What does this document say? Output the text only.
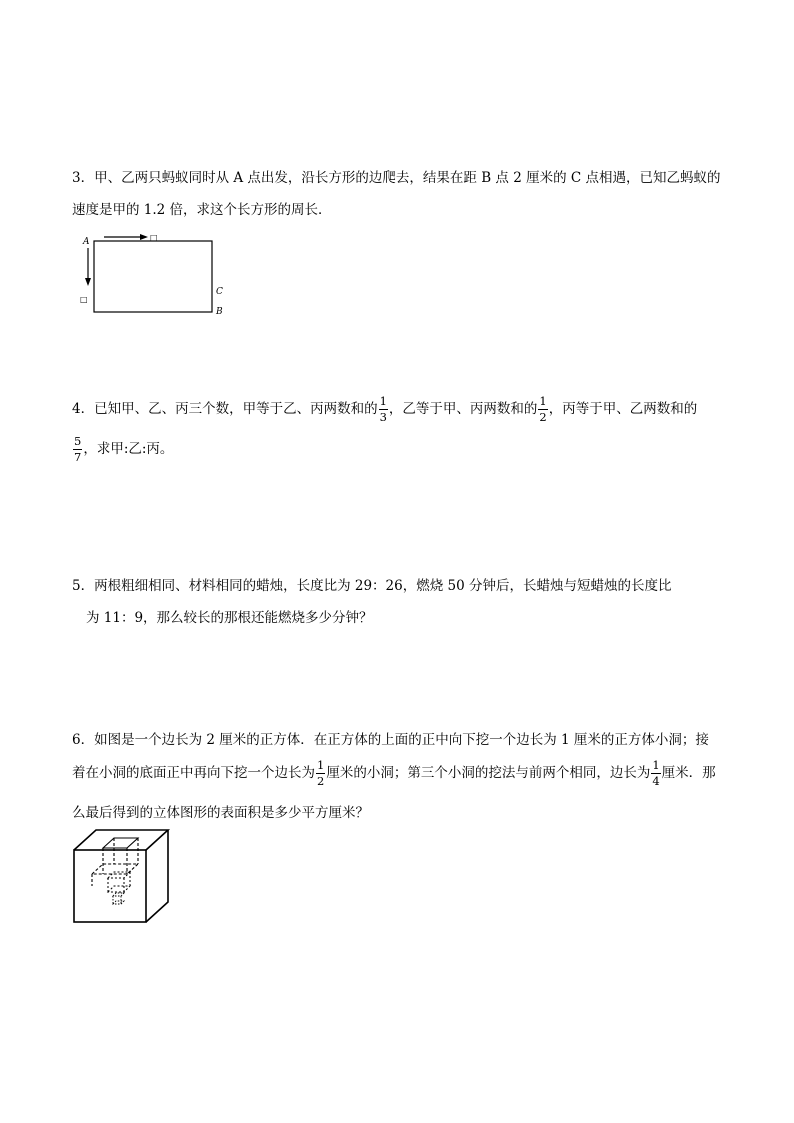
3．甲、乙两只蚂蚁同时从 A 点出发，沿长方形的边爬去，结果在距 B 点 2 厘米的 C 点相遇，已知乙蚂蚁的
速度是甲的 1.2 倍，求这个长方形的周长．
A	□
□
C
B
4．已知甲、乙、丙三个数，甲等于乙、丙两数和的 $\frac{1}{3}$ ，乙等于甲、丙两数和的 $\frac{1}{2}$ ，丙等于甲、乙两数和的
$\frac{5}{7}$ ，求甲:乙:丙。
5．两根粗细相同、材料相同的蜡烛，长度比为 29：26，燃烧 50 分钟后，长蜡烛与短蜡烛的长度比
为 11：9，那么较长的那根还能燃烧多少分钟？
6．如图是一个边长为 2 厘米的正方体．在正方体的上面的正中向下挖一个边长为 1 厘米的正方体小洞；接
着在小洞的底面正中再向下挖一个边长为 $\frac{1}{2}$ 厘米的小洞；第三个小洞的挖法与前两个相同，边长为 $\frac{1}{4}$ 厘米．那
么最后得到的立体图形的表面积是多少平方厘米？
